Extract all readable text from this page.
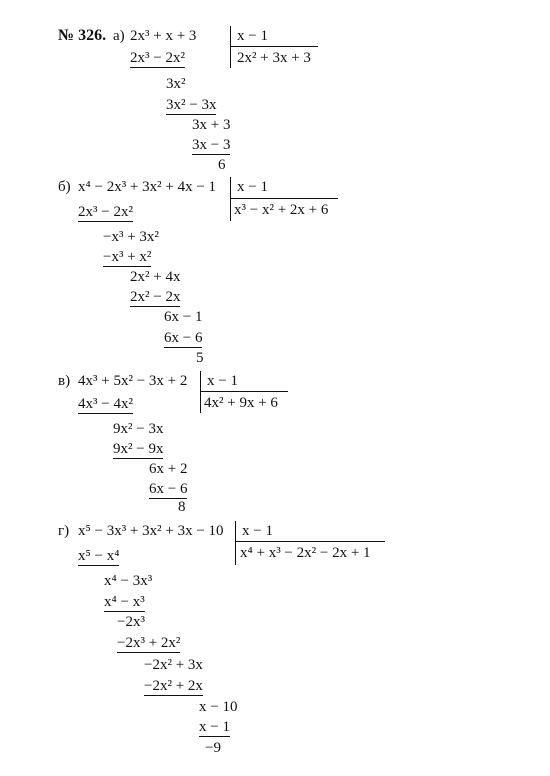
№ 326. а) 2x³ + x + 3	x − 1
2x² + 3x + 3
2x³ − 2x²
3x²
3x² − 3x
3x + 3
3x − 3
6
б) x⁴ − 2x³ + 3x² + 4x − 1 x − 1
x³ − x² + 2x + 6
2x³ − 2x²
−x³ + 3x²
−x³ + x²
2x² + 4x
2x² − 2x
6x − 1
6x − 6
5
в) 4x³ + 5x² − 3x + 2 x − 1
4x² + 9x + 6
4x³ − 4x²
9x² − 3x
9x² − 9x
6x + 2
6x − 6
8
г) x⁵ − 3x³ + 3x² + 3x − 10 x − 1
x⁴ + x³ − 2x² − 2x + 1
x⁵ − x⁴
x⁴ − 3x³
x⁴ − x³
−2x³
−2x³ + 2x²
−2x² + 3x
−2x² + 2x
x − 10
x − 1
−9
